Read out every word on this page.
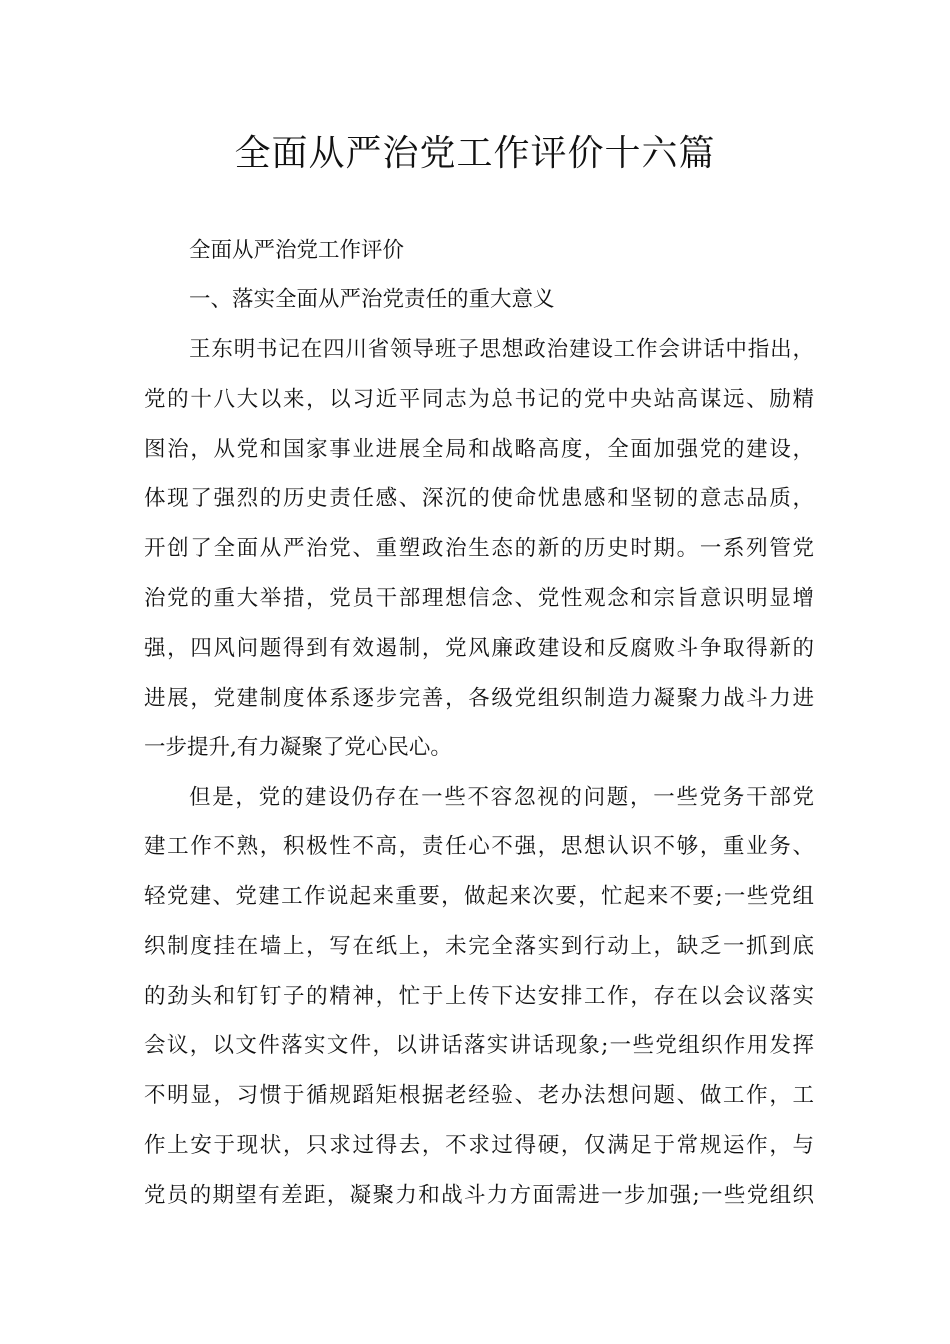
全面从严治党工作评价十六篇

全面从严治党工作评价

一、落实全面从严治党责任的重大意义

王东明书记在四川省领导班子思想政治建设工作会讲话中指出，

党的十八大以来，以习近平同志为总书记的党中央站高谋远、励精

图治，从党和国家事业进展全局和战略高度，全面加强党的建设，

体现了强烈的历史责任感、深沉的使命忧患感和坚韧的意志品质，

开创了全面从严治党、重塑政治生态的新的历史时期。一系列管党

治党的重大举措，党员干部理想信念、党性观念和宗旨意识明显增

强，四风问题得到有效遏制，党风廉政建设和反腐败斗争取得新的

进展，党建制度体系逐步完善，各级党组织制造力凝聚力战斗力进

一步提升,有力凝聚了党心民心。

但是，党的建设仍存在一些不容忽视的问题，一些党务干部党

建工作不熟，积极性不高，责任心不强，思想认识不够，重业务、

轻党建、党建工作说起来重要，做起来次要，忙起来不要;一些党组

织制度挂在墙上，写在纸上，未完全落实到行动上，缺乏一抓到底

的劲头和钉钉子的精神，忙于上传下达安排工作，存在以会议落实

会议，以文件落实文件，以讲话落实讲话现象;一些党组织作用发挥

不明显，习惯于循规蹈矩根据老经验、老办法想问题、做工作，工

作上安于现状，只求过得去，不求过得硬，仅满足于常规运作，与

党员的期望有差距，凝聚力和战斗力方面需进一步加强;一些党组织
